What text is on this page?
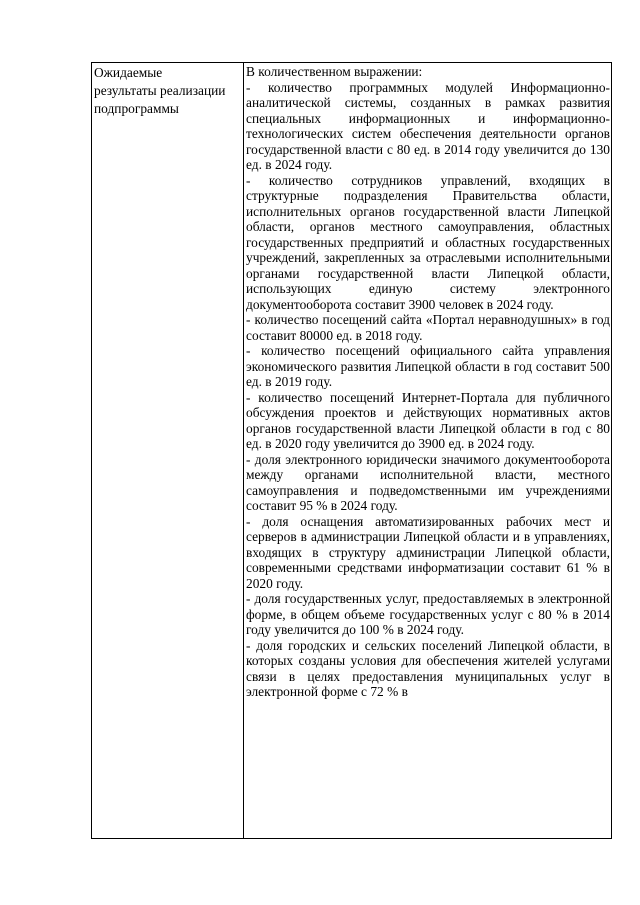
Ожидаемые
результаты реализации
подпрограммы
В количественном выражении:

- количество программных модулей Информационно-аналитической системы, созданных в рамках развития специальных информационных и информационно-технологических систем обеспечения деятельности органов государственной власти с 80 ед. в 2014 году увеличится до 130 ед. в 2024 году.

- количество сотрудников управлений, входящих в структурные подразделения Правительства области, исполнительных органов государственной власти Липецкой области, органов местного самоуправления, областных государственных предприятий и областных государственных учреждений, закрепленных за отраслевыми исполнительными органами государственной власти Липецкой области, использующих единую систему электронного документооборота составит 3900 человек в 2024 году.

- количество посещений сайта «Портал неравнодушных» в год составит 80000 ед. в 2018 году.

- количество посещений официального сайта управления экономического развития Липецкой области в год составит 500 ед. в 2019 году.

- количество посещений Интернет-Портала для публичного обсуждения проектов и действующих нормативных актов органов государственной власти Липецкой области в год с 80 ед. в 2020 году увеличится до 3900 ед. в 2024 году.

- доля электронного юридически значимого документооборота между органами исполнительной власти, местного самоуправления и подведомственными им учреждениями составит 95 % в 2024 году.

- доля оснащения автоматизированных рабочих мест и серверов в администрации Липецкой области и в управлениях, входящих в структуру администрации Липецкой области, современными средствами информатизации составит 61 % в 2020 году.

- доля государственных услуг, предоставляемых в электронной форме, в общем объеме государственных услуг с 80 % в 2014 году увеличится до 100 % в 2024 году.

- доля городских и сельских поселений Липецкой области, в которых созданы условия для обеспечения жителей услугами связи в целях предоставления муниципальных услуг в электронной форме с 72 % в
